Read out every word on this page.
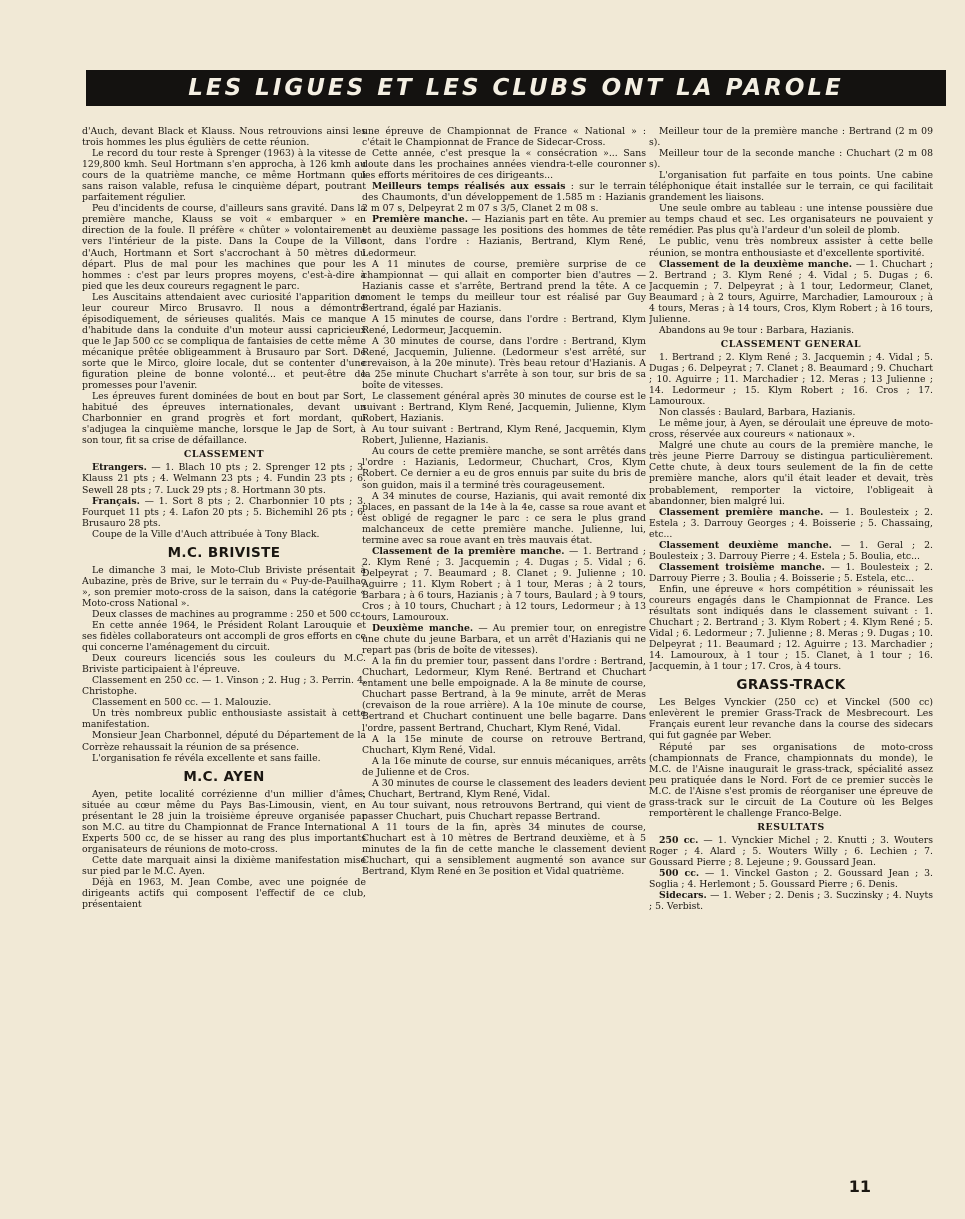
LES LIGUES ET LES CLUBS ONT LA PAROLE

d'Auch, devant Black et Klauss. Nous retrouvions ainsi les trois hommes les plus égulièrs de cette réunion.

Le record du tour reste à Sprenger (1963) à la vitesse de 129,800 kmh. Seul Hortmann s'en approcha, à 126 kmh au cours de la quatrième manche, ce même Hortmann qui sans raison valable, refusa le cinquième départ, poutrant parfaitement régulier.

Peu d'incidents de course, d'ailleurs sans gravité. Dans la première manche, Klauss se voit « embarquer » en direction de la foule. Il préfère « chûter » volontairement vers l'intérieur de la piste. Dans la Coupe de la Ville d'Auch, Hortmann et Sort s'accrochant à 50 mètres du départ. Plus de mal pour les machines que pour les hommes : c'est par leurs propres moyens, c'est-à-dire à pied que les deux coureurs regagnent le parc.

Les Auscitains attendaient avec curiosité l'apparition de leur coureur Mirco Brusavro. Il nous a démontré épisodiquement, de sérieuses qualités. Mais ce manque d'habitude dans la conduite d'un moteur aussi capricieux que le Jap 500 cc se compliqua de fantaisies de cette même mécanique prêtée obligeamment à Brusauro par Sort. De sorte que le Mirco, gloire locale, dut se contenter d'une figuration pleine de bonne volonté... et peut-être de promesses pour l'avenir.

Les épreuves furent dominées de bout en bout par Sort, habitué des épreuves internationales, devant un Charbonnier en grand progrès et fort mordant, qui s'adjugea la cinquième manche, lorsque le Jap de Sort, à son tour, fit sa crise de défaillance.

CLASSEMENT

Etrangers. — 1. Blach 10 pts ; 2. Sprenger 12 pts ; 3. Klauss 21 pts ; 4. Welmann 23 pts ; 4. Fundin 23 pts ; 6. Sewell 28 pts ; 7. Luck 29 pts ; 8. Hortmann 30 pts.

Français. — 1. Sort 8 pts ; 2. Charbonnier 10 pts ; 3. Fourquet 11 pts ; 4. Lafon 20 pts ; 5. Bichemihl 26 pts ; 6. Brusauro 28 pts.

Coupe de la Ville d'Auch attribuée à Tony Black.

M.C. BRIVISTE

Le dimanche 3 mai, le Moto-Club Briviste présentait à Aubazine, près de Brive, sur le terrain du « Puy-de-Pauilhac », son premier moto-cross de la saison, dans la catégorie « Moto-cross National ».

Deux classes de machines au programme : 250 et 500 cc.

En cette année 1964, le Président Rolant Larouquie et ses fidèles collaborateurs ont accompli de gros efforts en ce qui concerne l'aménagement du circuit.

Deux coureurs licenciés sous les couleurs du M.C. Briviste participaient à l'épreuve.

Classement en 250 cc. — 1. Vinson ; 2. Hug ; 3. Perrin. 4. Christophe.

Classement en 500 cc. — 1. Malouzie.

Un très nombreux public enthousiaste assistait à cette manifestation.

Monsieur Jean Charbonnel, député du Département de la Corrèze rehaussait la réunion de sa présence.

L'organisation fe révéla excellente et sans faille.

M.C. AYEN

Ayen, petite localité corrézienne d'un millier d'âmes, située au cœur même du Pays Bas-Limousin, vient, en présentant le 28 juin la troisième épreuve organisée par son M.C. au titre du Championnat de France International Experts 500 cc, de se hisser au rang des plus importants organisateurs de réunions de moto-cross.

Cette date marquait ainsi la dixième manifestation mise sur pied par le M.C. Ayen.

Déjà en 1963, M. Jean Combe, avec une poignée de dirigeants actifs qui composent l'effectif de ce club, présentaient

une épreuve de Championnat de France « National » : c'était le Championnat de France de Sidecar-Cross.

Cette année, c'est presque la « consécration »... Sans doute dans les prochaines années viendra-t-elle couronner les efforts méritoires de ces dirigeants...

Meilleurs temps réalisés aux essais : sur le terrain des Chaumonts, d'un développement de 1.585 m : Hazianis 2 m 07 s, Delpeyrat 2 m 07 s 3/5, Clanet 2 m 08 s.

Première manche. — Hazianis part en tête. Au premier et au deuxième passage les positions des hommes de tête sont, dans l'ordre : Hazianis, Bertrand, Klym René, Ledormeur.

A 11 minutes de course, première surprise de ce championnat — qui allait en comporter bien d'autres — Hazianis casse et s'arrête, Bertrand prend la tête. A ce moment le temps du meilleur tour est réalisé par Guy Bertrand, égalé par Hazianis.

A 15 minutes de course, dans l'ordre : Bertrand, Klym René, Ledormeur, Jacquemin.

A 30 minutes de course, dans l'ordre : Bertrand, Klym René, Jacquemin, Julienne. (Ledormeur s'est arrêté, sur crevaison, à la 20e minute). Très beau retour d'Hazianis. A la 25e minute Chuchart s'arrête à son tour, sur bris de sa boîte de vitesses.

Le classement général après 30 minutes de course est le suivant : Bertrand, Klym René, Jacquemin, Julienne, Klym Robert, Hazianis.

Au tour suivant : Bertrand, Klym René, Jacquemin, Klym Robert, Julienne, Hazianis.

Au cours de cette première manche, se sont arrêtés dans l'ordre : Hazianis, Ledormeur, Chuchart, Cros, Klym Robert. Ce dernier a eu de gros ennuis par suite du bris de son guidon, mais il a terminé très courageusement.

A 34 minutes de course, Hazianis, qui avait remonté dix places, en passant de la 14e à la 4e, casse sa roue avant et est obligé de regagner le parc : ce sera le plus grand malchanceux de cette première manche. Julienne, lui, termine avec sa roue avant en très mauvais état.

Classement de la première manche. — 1. Bertrand ; 2. Klym René ; 3. Jacquemin ; 4. Dugas ; 5. Vidal ; 6. Delpeyrat ; 7. Beaumard ; 8. Clanet ; 9. Julienne ; 10. Aguirre ; 11. Klym Robert ; à 1 tour, Meras ; à 2 tours, Barbara ; à 6 tours, Hazianis ; à 7 tours, Baulard ; à 9 tours, Cros ; à 10 tours, Chuchart ; à 12 tours, Ledormeur ; à 13 tours, Lamouroux.

Deuxième manche. — Au premier tour, on enregistre une chute du jeune Barbara, et un arrêt d'Hazianis qui ne repart pas (bris de boîte de vitesses).

A la fin du premier tour, passent dans l'ordre : Bertrand, Chuchart, Ledormeur, Klym René. Bertrand et Chuchart entament une belle empoignade. A la 8e minute de course, Chuchart passe Bertrand, à la 9e minute, arrêt de Meras (crevaison de la roue arrière). A la 10e minute de course, Bertrand et Chuchart continuent une belle bagarre. Dans l'ordre, passent Bertrand, Chuchart, Klym René, Vidal.

A la 15e minute de course on retrouve Bertrand, Chuchart, Klym René, Vidal.

A la 16e minute de course, sur ennuis mécaniques, arrêts de Julienne et de Cros.

A 30 minutes de course le classement des leaders devient : Chuchart, Bertrand, Klym René, Vidal.

Au tour suivant, nous retrouvons Bertrand, qui vient de passer Chuchart, puis Chuchart repasse Bertrand.

A 11 tours de la fin, après 34 minutes de course, Chuchart est à 10 mètres de Bertrand deuxième, et à 5 minutes de la fin de cette manche le classement devient Chuchart, qui a sensiblement augmenté son avance sur Bertrand, Klym René en 3e position et Vidal quatrième.

Meilleur tour de la première manche : Bertrand (2 m 09 s).

Meilleur tour de la seconde manche : Chuchart (2 m 08 s).

L'organisation fut parfaite en tous points. Une cabine téléphonique était installée sur le terrain, ce qui facilitait grandement les liaisons.

Une seule ombre au tableau : une intense poussière due au temps chaud et sec. Les organisateurs ne pouvaient y remédier. Pas plus qu'à l'ardeur d'un soleil de plomb.

Le public, venu très nombreux assister à cette belle réunion, se montra enthousiaste et d'excellente sportivité.

Classement de la deuxième manche. — 1. Chuchart ; 2. Bertrand ; 3. Klym René ; 4. Vidal ; 5. Dugas ; 6. Jacquemin ; 7. Delpeyrat ; à 1 tour, Ledormeur, Clanet, Beaumard ; à 2 tours, Aguirre, Marchadier, Lamouroux ; à 4 tours, Meras ; à 14 tours, Cros, Klym Robert ; à 16 tours, Julienne.

Abandons au 9e tour : Barbara, Hazianis.

CLASSEMENT GENERAL

1. Bertrand ; 2. Klym René ; 3. Jacquemin ; 4. Vidal ; 5. Dugas ; 6. Delpeyrat ; 7. Clanet ; 8. Beaumard ; 9. Chuchart ; 10. Aguirre ; 11. Marchadier ; 12. Meras ; 13 Julienne ; 14. Ledormeur ; 15. Klym Robert ; 16. Cros ; 17. Lamouroux.

Non classés : Baulard, Barbara, Hazianis.

Le même jour, à Ayen, se déroulait une épreuve de moto-cross, réservée aux coureurs « nationaux ».

Malgré une chute au cours de la première manche, le très jeune Pierre Darrouy se distingua particulièrement. Cette chute, à deux tours seulement de la fin de cette première manche, alors qu'il était leader et devait, très probablement, remporter la victoire, l'obligeait à abandonner, bien malgré lui.

Classement première manche. — 1. Boulesteix ; 2. Estela ; 3. Darrouy Georges ; 4. Boisserie ; 5. Chassaing, etc...

Classement deuxième manche. — 1. Geral ; 2. Boulesteix ; 3. Darrouy Pierre ; 4. Estela ; 5. Boulia, etc...

Classement troisième manche. — 1. Boulesteix ; 2. Darrouy Pierre ; 3. Boulia ; 4. Boisserie ; 5. Estela, etc...

Enfin, une épreuve « hors compétition » réunissait les coureurs engagés dans le Championnat de France. Les résultats sont indiqués dans le classement suivant : 1. Chuchart ; 2. Bertrand ; 3. Klym Robert ; 4. Klym René ; 5. Vidal ; 6. Ledormeur ; 7. Julienne ; 8. Meras ; 9. Dugas ; 10. Delpeyrat ; 11. Beaumard ; 12. Aguirre ; 13. Marchadier ; 14. Lamouroux, à 1 tour ; 15. Clanet, à 1 tour ; 16. Jacquemin, à 1 tour ; 17. Cros, à 4 tours.

GRASS-TRACK

Les Belges Vynckier (250 cc) et Vinckel (500 cc) enlevèrent le premier Grass-Track de Mesbrecourt. Les Français eurent leur revanche dans la course des sidecars qui fut gagnée par Weber.

Réputé par ses organisations de moto-cross (championnats de France, championnats du monde), le M.C. de l'Aisne inaugurait le grass-track, spécialité assez peu pratiquée dans le Nord. Fort de ce premier succès le M.C. de l'Aisne s'est promis de réorganiser une épreuve de grass-track sur le circuit de La Couture où les Belges remportèrent le challenge Franco-Belge.

RESULTATS

250 cc. — 1. Vynckier Michel ; 2. Knutti ; 3. Wouters Roger ; 4. Alard ; 5. Wouters Willy ; 6. Lechien ; 7. Goussard Pierre ; 8. Lejeune ; 9. Goussard Jean.

500 cc. — 1. Vinckel Gaston ; 2. Goussard Jean ; 3. Soglia ; 4. Herlemont ; 5. Goussard Pierre ; 6. Denis.

Sidecars. — 1. Weber ; 2. Denis ; 3. Suczinsky ; 4. Nuyts ; 5. Verbist.

11
